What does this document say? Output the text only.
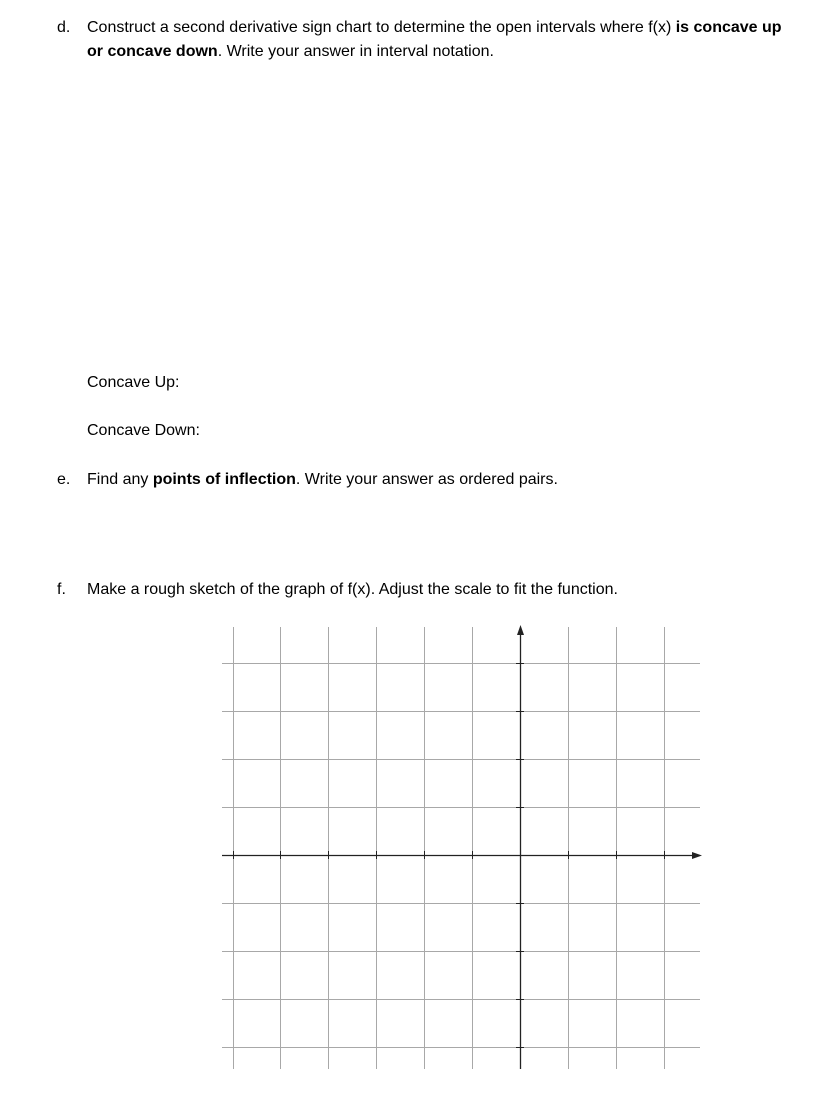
d. Construct a second derivative sign chart to determine the open intervals where f(x) is concave up
or concave down. Write your answer in interval notation.
Concave Up:
Concave Down:
e. Find any points of inflection. Write your answer as ordered pairs.
f. Make a rough sketch of the graph of f(x). Adjust the scale to fit the function.
